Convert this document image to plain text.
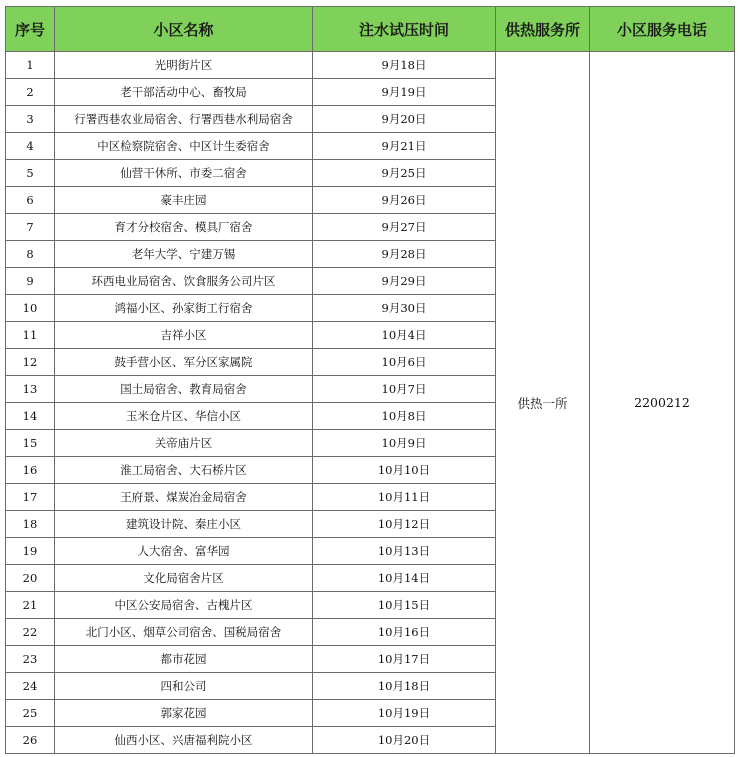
序号	小区名称	注水试压时间	供热服务所	小区服务电话
1	光明街片区	9月18日	供热一所	2200212
2	老干部活动中心、畜牧局	9月19日		
3	行署西巷农业局宿舍、行署西巷水利局宿舍	9月20日		
4	中区检察院宿舍、中区计生委宿舍	9月21日		
5	仙营干休所、市委二宿舍	9月25日		
6	豪丰庄园	9月26日		
7	育才分校宿舍、模具厂宿舍	9月27日		
8	老年大学、宁建万锡	9月28日		
9	环西电业局宿舍、饮食服务公司片区	9月29日		
10	鸿福小区、孙家街工行宿舍	9月30日		
11	吉祥小区	10月4日		
12	鼓手营小区、军分区家属院	10月6日		
13	国土局宿舍、教育局宿舍	10月7日		
14	玉米仓片区、华信小区	10月8日		
15	关帝庙片区	10月9日		
16	淮工局宿舍、大石桥片区	10月10日		
17	王府景、煤炭冶金局宿舍	10月11日		
18	建筑设计院、秦庄小区	10月12日		
19	人大宿舍、富华园	10月13日		
20	文化局宿舍片区	10月14日		
21	中区公安局宿舍、古槐片区	10月15日		
22	北门小区、烟草公司宿舍、国税局宿舍	10月16日		
23	都市花园	10月17日		
24	四和公司	10月18日		
25	郭家花园	10月19日		
26	仙西小区、兴唐福利院小区	10月20日		
